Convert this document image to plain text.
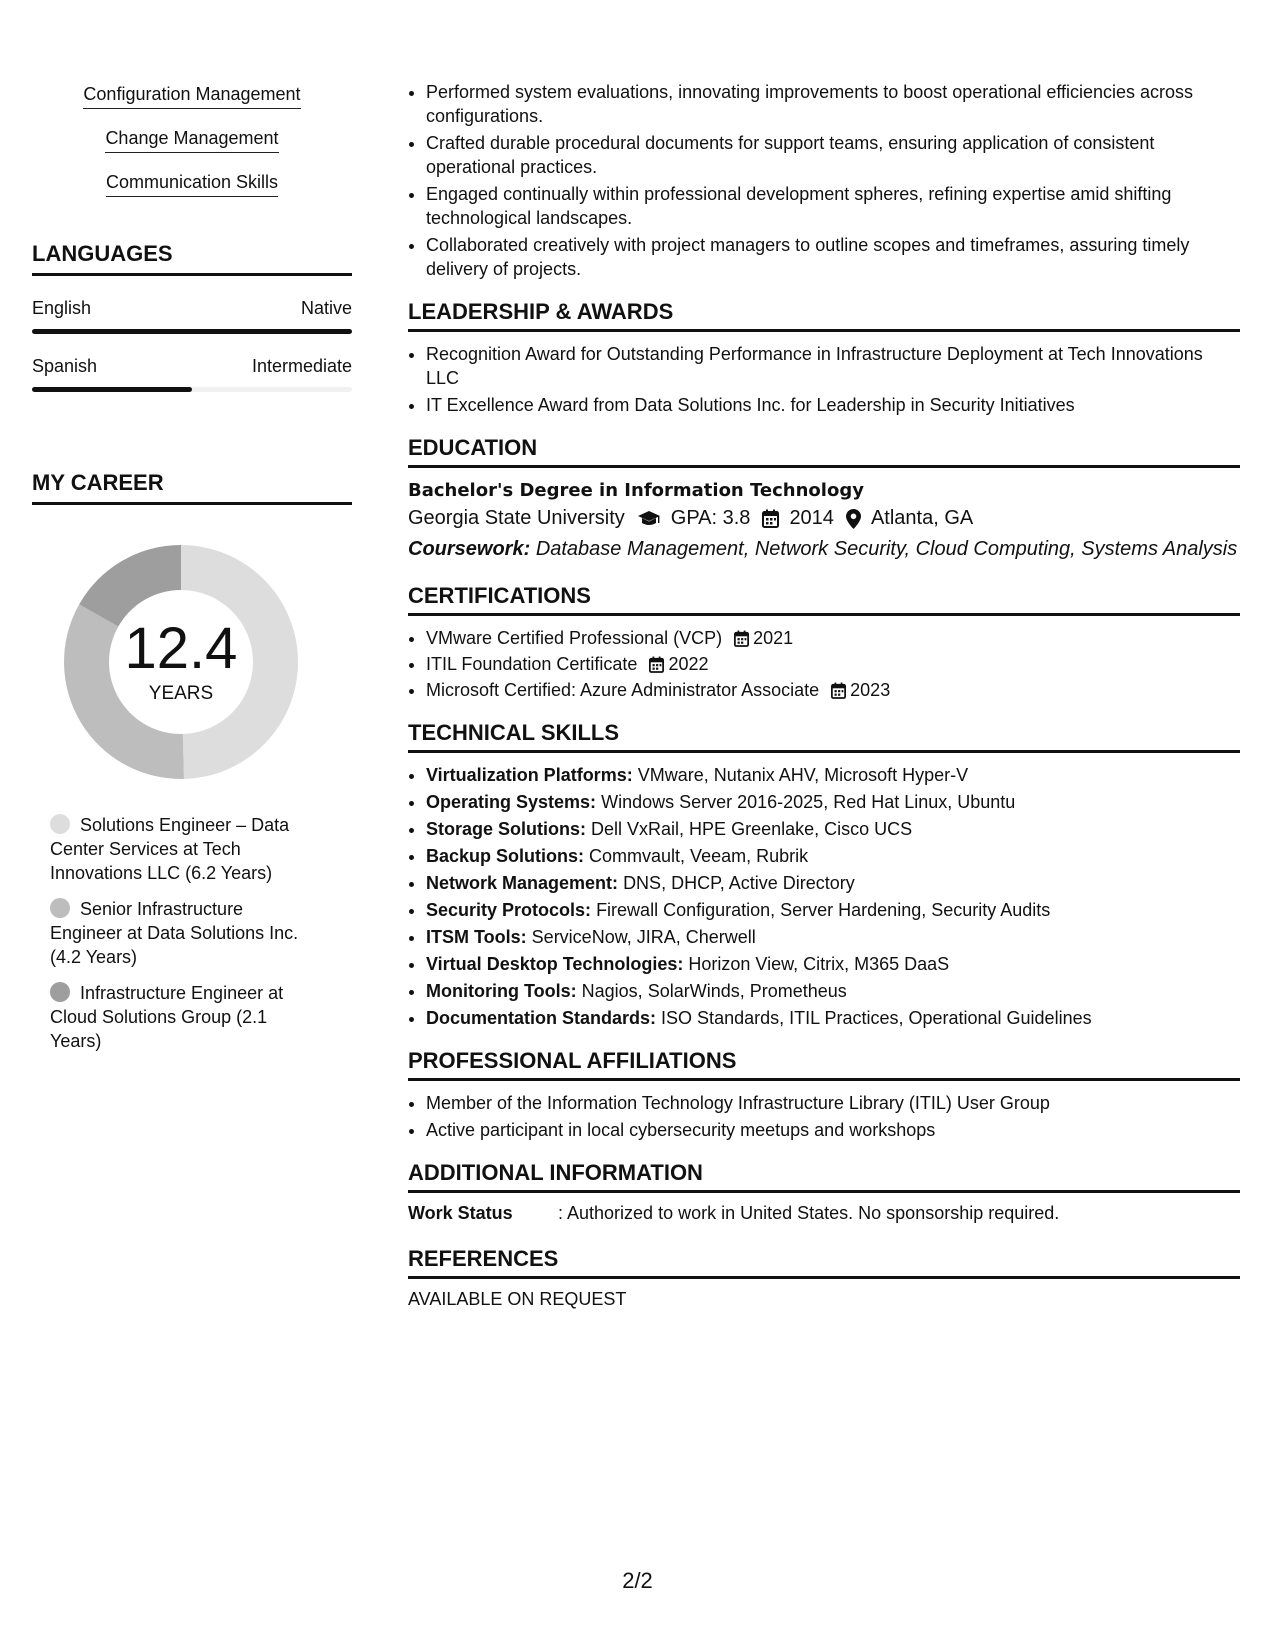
Configuration Management
Change Management
Communication Skills
LANGUAGES
English	Native
Spanish	Intermediate
MY CAREER
12.4
YEARS
Solutions Engineer – Data Center Services at Tech Innovations LLC (6.2 Years)
Senior Infrastructure Engineer at Data Solutions Inc. (4.2 Years)
Infrastructure Engineer at Cloud Solutions Group (2.1 Years)
• Performed system evaluations, innovating improvements to boost operational efficiencies across configurations.
• Crafted durable procedural documents for support teams, ensuring application of consistent operational practices.
• Engaged continually within professional development spheres, refining expertise amid shifting technological landscapes.
• Collaborated creatively with project managers to outline scopes and timeframes, assuring timely delivery of projects.
LEADERSHIP & AWARDS
• Recognition Award for Outstanding Performance in Infrastructure Deployment at Tech Innovations LLC
• IT Excellence Award from Data Solutions Inc. for Leadership in Security Initiatives
EDUCATION
Bachelor's Degree in Information Technology
Georgia State University GPA: 3.8 2014 Atlanta, GA
Coursework: Database Management, Network Security, Cloud Computing, Systems Analysis
CERTIFICATIONS
• VMware Certified Professional (VCP) 2021
• ITIL Foundation Certificate 2022
• Microsoft Certified: Azure Administrator Associate 2023
TECHNICAL SKILLS
• Virtualization Platforms: VMware, Nutanix AHV, Microsoft Hyper-V
• Operating Systems: Windows Server 2016-2025, Red Hat Linux, Ubuntu
• Storage Solutions: Dell VxRail, HPE Greenlake, Cisco UCS
• Backup Solutions: Commvault, Veeam, Rubrik
• Network Management: DNS, DHCP, Active Directory
• Security Protocols: Firewall Configuration, Server Hardening, Security Audits
• ITSM Tools: ServiceNow, JIRA, Cherwell
• Virtual Desktop Technologies: Horizon View, Citrix, M365 DaaS
• Monitoring Tools: Nagios, SolarWinds, Prometheus
• Documentation Standards: ISO Standards, ITIL Practices, Operational Guidelines
PROFESSIONAL AFFILIATIONS
• Member of the Information Technology Infrastructure Library (ITIL) User Group
• Active participant in local cybersecurity meetups and workshops
ADDITIONAL INFORMATION
Work Status	: Authorized to work in United States. No sponsorship required.
REFERENCES
AVAILABLE ON REQUEST
2/2
